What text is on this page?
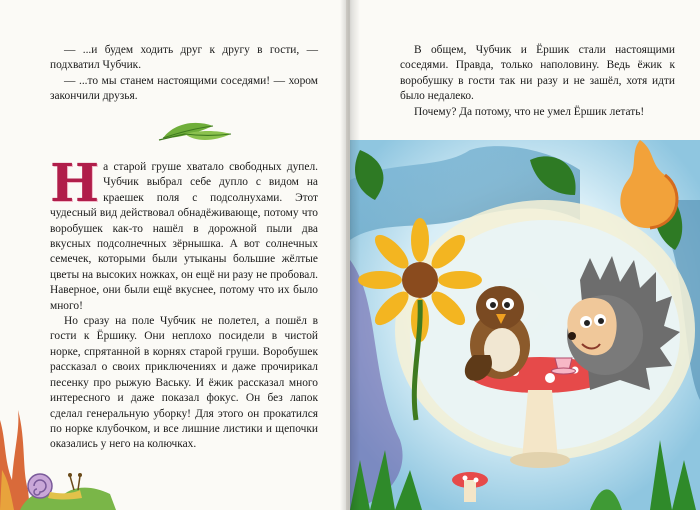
— ...и будем ходить друг к другу в гости, — подхватил Чубчик.

— ...то мы станем настоящими соседями! — хором закончили друзья.

На старой груше хватало свободных дупел. Чубчик выбрал себе дупло с видом на краешек поля с подсолнухами. Этот чудесный вид действовал обнадёживающе, потому что воробушек как-то нашёл в дорожной пыли два вкусных подсолнечных зёрнышка. А вот солнечных семечек, которыми были утыканы большие жёлтые цветы на высоких ножках, он ещё ни разу не пробовал. Наверное, они были ещё вкуснее, потому что их было много!

Но сразу на поле Чубчик не полетел, а пошёл в гости к Ёршику. Они неплохо посидели в чистой норке, спрятанной в корнях старой груши. Воробушек рассказал о своих приключениях и даже прочирикал песенку про рыжую Ваську. И ёжик рассказал много интересного и даже показал фокус. Он без лапок сделал генеральную уборку! Для этого он прокатился по норке клубочком, и все лишние листики и щепочки оказались у него на колючках.

В общем, Чубчик и Ёршик стали настоящими соседями. Правда, только наполовину. Ведь ёжик к воробушку в гости так ни разу и не зашёл, хотя идти было недалеко.

Почему? Да потому, что не умел Ёршик летать!
